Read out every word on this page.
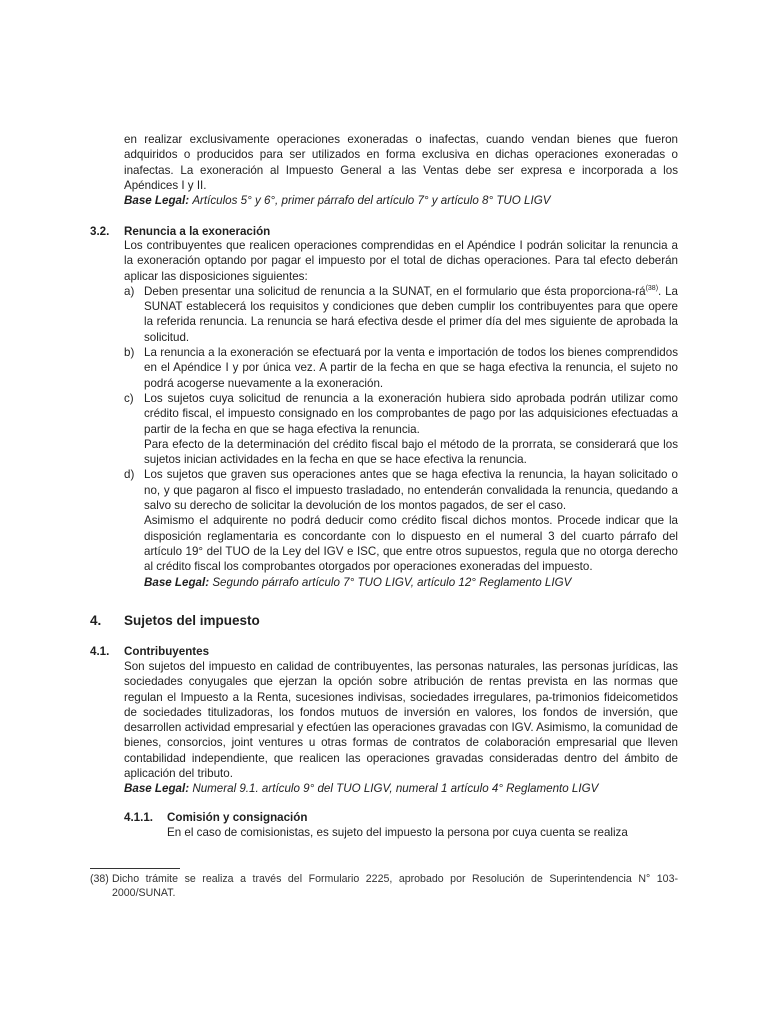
en realizar exclusivamente operaciones exoneradas o inafectas, cuando vendan bienes que fueron adquiridos o producidos para ser utilizados en forma exclusiva en dichas operaciones exoneradas o inafectas. La exoneración al Impuesto General a las Ventas debe ser expresa e incorporada a los Apéndices I y II.

Base Legal: Artículos 5° y 6°, primer párrafo del artículo 7° y artículo 8° TUO LIGV

3.2. Renuncia a la exoneración

Los contribuyentes que realicen operaciones comprendidas en el Apéndice I podrán solicitar la renuncia a la exoneración optando por pagar el impuesto por el total de dichas operaciones. Para tal efecto deberán aplicar las disposiciones siguientes:

a) Deben presentar una solicitud de renuncia a la SUNAT, en el formulario que ésta proporciona-$rá^{(38)}$. La SUNAT establecerá los requisitos y condiciones que deben cumplir los contribuyentes para que opere la referida renuncia. La renuncia se hará efectiva desde el primer día del mes siguiente de aprobada la solicitud.

b) La renuncia a la exoneración se efectuará por la venta e importación de todos los bienes comprendidos en el Apéndice I y por única vez. A partir de la fecha en que se haga efectiva la renuncia, el sujeto no podrá acogerse nuevamente a la exoneración.

c) Los sujetos cuya solicitud de renuncia a la exoneración hubiera sido aprobada podrán utilizar como crédito fiscal, el impuesto consignado en los comprobantes de pago por las adquisiciones efectuadas a partir de la fecha en que se haga efectiva la renuncia.

Para efecto de la determinación del crédito fiscal bajo el método de la prorrata, se considerará que los sujetos inician actividades en la fecha en que se hace efectiva la renuncia.

d) Los sujetos que graven sus operaciones antes que se haga efectiva la renuncia, la hayan solicitado o no, y que pagaron al fisco el impuesto trasladado, no entenderán convalidada la renuncia, quedando a salvo su derecho de solicitar la devolución de los montos pagados, de ser el caso.

Asimismo el adquirente no podrá deducir como crédito fiscal dichos montos. Procede indicar que la disposición reglamentaria es concordante con lo dispuesto en el numeral 3 del cuarto párrafo del artículo 19° del TUO de la Ley del IGV e ISC, que entre otros supuestos, regula que no otorga derecho al crédito fiscal los comprobantes otorgados por operaciones exoneradas del impuesto.

Base Legal: Segundo párrafo artículo 7° TUO LIGV, artículo 12° Reglamento LIGV

4. Sujetos del impuesto
4.1. Contribuyentes

Son sujetos del impuesto en calidad de contribuyentes, las personas naturales, las personas jurídicas, las sociedades conyugales que ejerzan la opción sobre atribución de rentas prevista en las normas que regulan el Impuesto a la Renta, sucesiones indivisas, sociedades irregulares, pa-trimonios fideicometidos de sociedades titulizadoras, los fondos mutuos de inversión en valores, los fondos de inversión, que desarrollen actividad empresarial y efectúen las operaciones gravadas con IGV. Asimismo, la comunidad de bienes, consorcios, joint ventures u otras formas de contratos de colaboración empresarial que lleven contabilidad independiente, que realicen las operaciones gravadas consideradas dentro del ámbito de aplicación del tributo.

Base Legal: Numeral 9.1. artículo 9° del TUO LIGV, numeral 1 artículo 4° Reglamento LIGV

4.1.1. Comisión y consignación

En el caso de comisionistas, es sujeto del impuesto la persona por cuya cuenta se realiza

(38) Dicho trámite se realiza a través del Formulario 2225, aprobado por Resolución de Superintendencia N° 103-2000/SUNAT.
